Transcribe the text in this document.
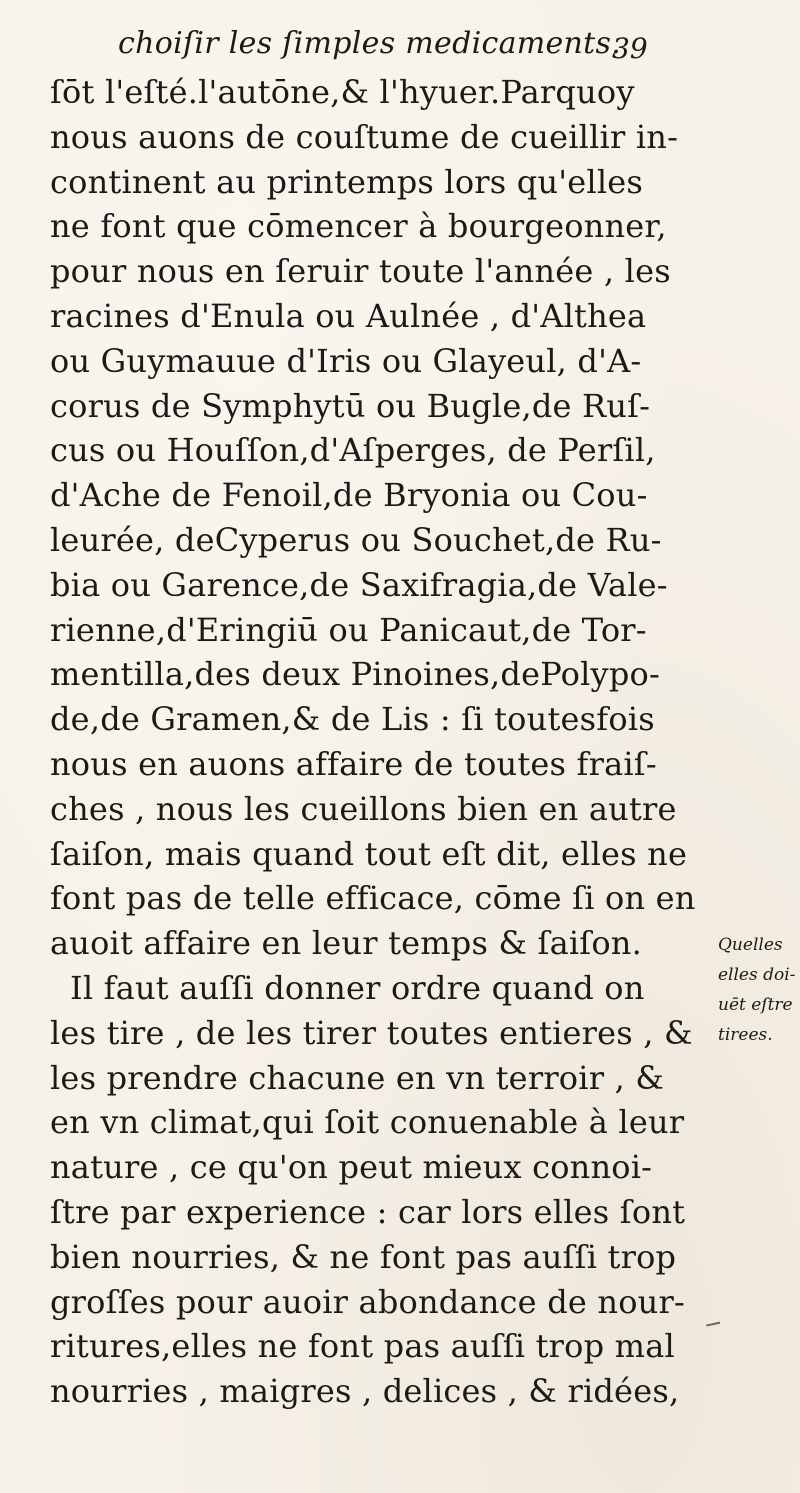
choiſir les ſimples medicaments.
39
ſōt l'eſté.l'autōne,& l'hyuer.Parquoy
nous auons de couſtume de cueillir in-
continent au printemps lors qu'elles
ne font que cōmencer à bourgeonner,
pour nous en ſeruir toute l'année , les
racines d'Enula ou Aulnée , d'Althea
ou Guymauue d'Iris ou Glayeul, d'A-
corus de Symphytū ou Bugle,de Ruſ-
cus ou Houſſon,d'Aſperges, de Perſil,
d'Ache de Fenoil,de Bryonia ou Cou-
leurée, deCyperus ou Souchet,de Ru-
bia ou Garence,de Saxifragia,de Vale-
rienne,d'Eringiū ou Panicaut,de Tor-
mentilla,des deux Pinoines,dePolypo-
de,de Gramen,& de Lis : ſi toutesfois
nous en auons affaire de toutes fraiſ-
ches , nous les cueillons bien en autre
ſaiſon, mais quand tout eſt dit, elles ne
font pas de telle efficace, cōme ſi on en
auoit affaire en leur temps & ſaiſon.
Il faut auſſi donner ordre quand on
les tire , de les tirer toutes entieres , &
les prendre chacune en vn terroir , &
en vn climat,qui ſoit conuenable à leur
nature , ce qu'on peut mieux connoi-
ſtre par experience : car lors elles ſont
bien nourries, & ne font pas auſſi trop
groſſes pour auoir abondance de nour-
ritures,elles ne font pas auſſi trop mal
nourries , maigres , delices , & ridées,
Quelles
elles doi-
uēt eſtre
tirees.
